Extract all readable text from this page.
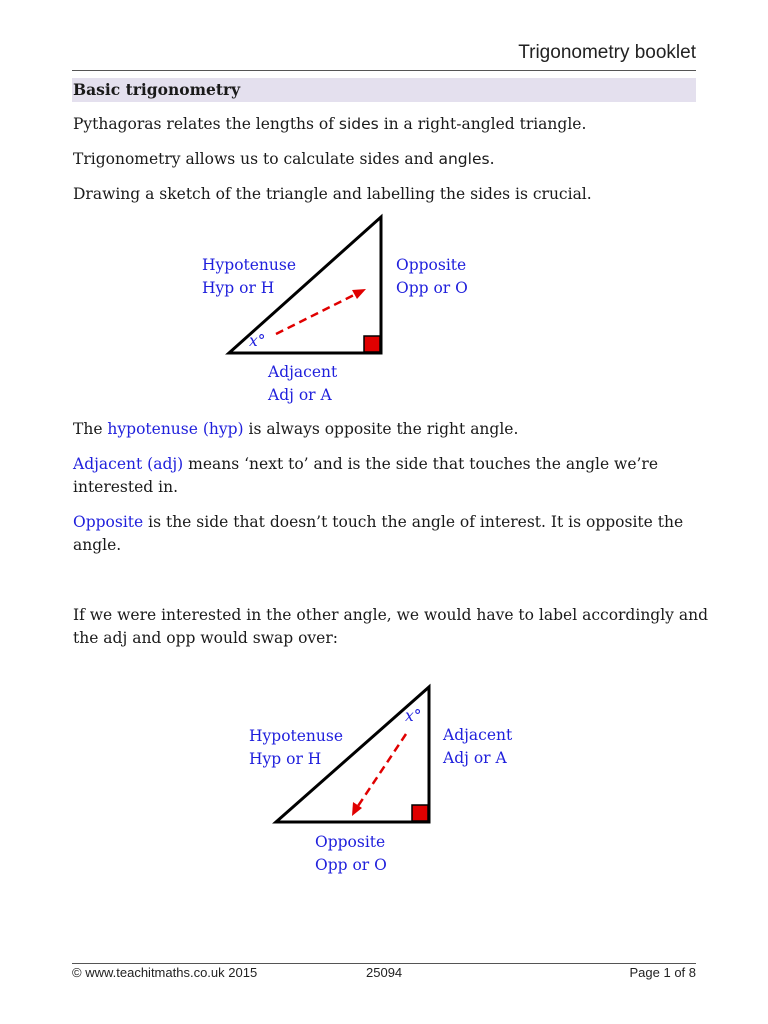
Trigonometry booklet
Basic trigonometry
Pythagoras relates the lengths of sides in a right-angled triangle.
Trigonometry allows us to calculate sides and angles.
Drawing a sketch of the triangle and labelling the sides is crucial.
Hypotenuse
Hyp or H
Opposite
Opp or O
Adjacent
Adj or A
x°
The hypotenuse (hyp) is always opposite the right angle.
Adjacent (adj) means ‘next to’ and is the side that touches the angle we’re
interested in.
Opposite is the side that doesn’t touch the angle of interest. It is opposite the
angle.
If we were interested in the other angle, we would have to label accordingly and
the adj and opp would swap over:
Hypotenuse
Hyp or H
Adjacent
Adj or A
Opposite
Opp or O
x°
© www.teachitmaths.co.uk 2015	25094	Page 1 of 8
